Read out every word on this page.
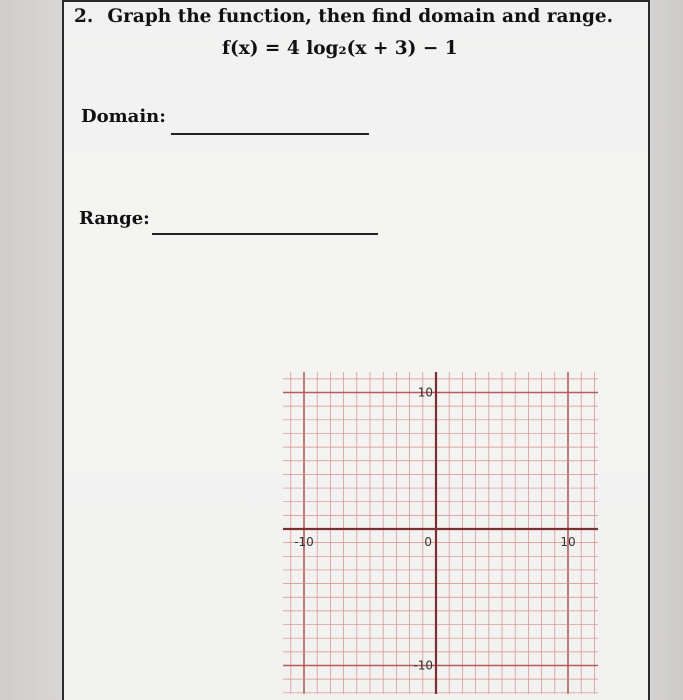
2. Graph the function, then find domain and range.
f(x) = 4 log₂(x + 3) − 1
Domain:
Range:
-10	0	10
10
-10
